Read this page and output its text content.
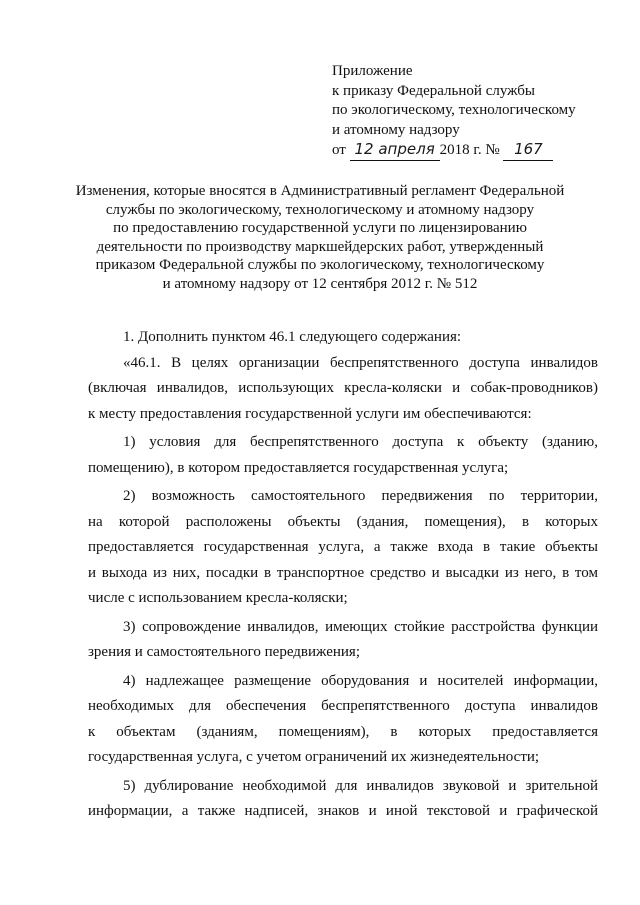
Приложение
к приказу Федеральной службы
по экологическому, технологическому
и атомному надзору
от 12 апреля 2018 г. № 167
Изменения, которые вносятся в Административный регламент Федеральной
службы по экологическому, технологическому и атомному надзору
по предоставлению государственной услуги по лицензированию
деятельности по производству маркшейдерских работ, утвержденный
приказом Федеральной службы по экологическому, технологическому
и атомному надзору от 12 сентября 2012 г. № 512

1. Дополнить пунктом 46.1 следующего содержания:

«46.1. В целях организации беспрепятственного доступа инвалидов
(включая инвалидов, использующих кресла-коляски и собак-проводников)
к месту предоставления государственной услуги им обеспечиваются:

1) условия для беспрепятственного доступа к объекту (зданию,
помещению), в котором предоставляется государственная услуга;

2) возможность самостоятельного передвижения по территории,
на которой расположены объекты (здания, помещения), в которых
предоставляется государственная услуга, а также входа в такие объекты
и выхода из них, посадки в транспортное средство и высадки из него, в том
числе с использованием кресла-коляски;

3) сопровождение инвалидов, имеющих стойкие расстройства функции
зрения и самостоятельного передвижения;

4) надлежащее размещение оборудования и носителей информации,
необходимых для обеспечения беспрепятственного доступа инвалидов
к объектам (зданиям, помещениям), в которых предоставляется
государственная услуга, с учетом ограничений их жизнедеятельности;

5) дублирование необходимой для инвалидов звуковой и зрительной
информации, а также надписей, знаков и иной текстовой и графической
